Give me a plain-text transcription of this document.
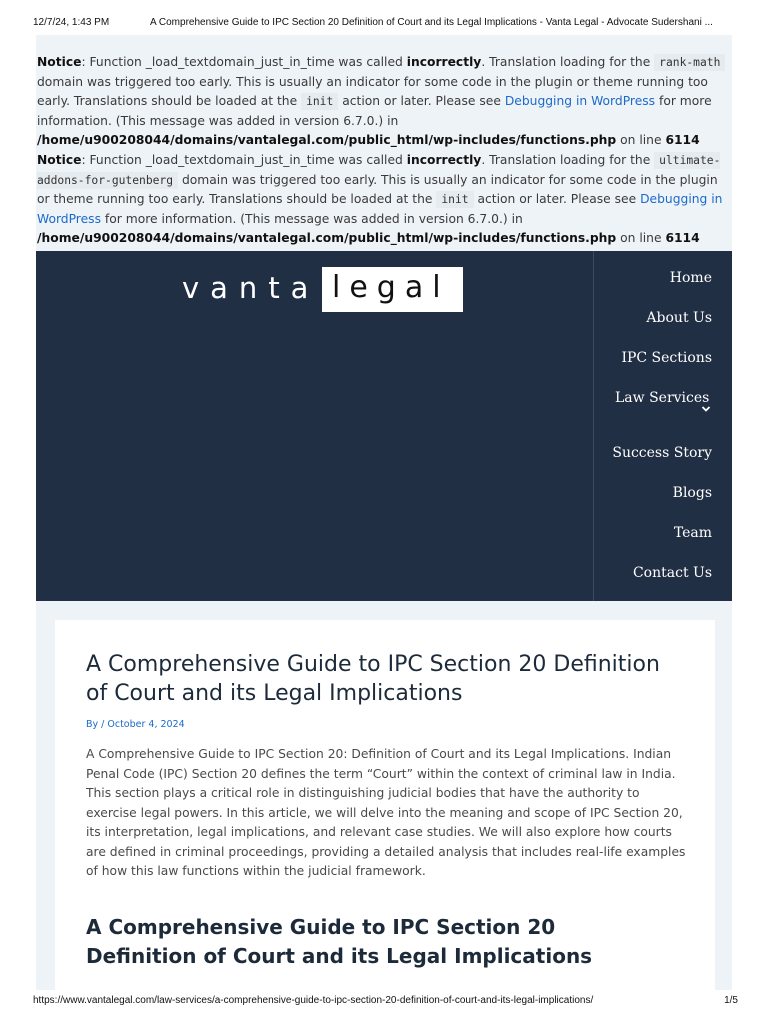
12/7/24, 1:43 PM	A Comprehensive Guide to IPC Section 20 Definition of Court and its Legal Implications - Vanta Legal - Advocate Sudershani ...
Notice: Function _load_textdomain_just_in_time was called incorrectly. Translation loading for the rank-math domain was triggered too early. This is usually an indicator for some code in the plugin or theme running too early. Translations should be loaded at the init action or later. Please see Debugging in WordPress for more information. (This message was added in version 6.7.0.) in /home/u900208044/domains/vantalegal.com/public_html/wp-includes/functions.php on line 6114
Notice: Function _load_textdomain_just_in_time was called incorrectly. Translation loading for the ultimate-addons-for-gutenberg domain was triggered too early. This is usually an indicator for some code in the plugin or theme running too early. Translations should be loaded at the init action or later. Please see Debugging in WordPress for more information. (This message was added in version 6.7.0.) in /home/u900208044/domains/vantalegal.com/public_html/wp-includes/functions.php on line 6114
vanta legal	Home
About Us
IPC Sections
Law Services
Success Story
Blogs
Team
Contact Us
A Comprehensive Guide to IPC Section 20 Definition of Court and its Legal Implications
By / October 4, 2024

A Comprehensive Guide to IPC Section 20: Definition of Court and its Legal Implications. Indian Penal Code (IPC) Section 20 defines the term “Court” within the context of criminal law in India. This section plays a critical role in distinguishing judicial bodies that have the authority to exercise legal powers. In this article, we will delve into the meaning and scope of IPC Section 20, its interpretation, legal implications, and relevant case studies. We will also explore how courts are defined in criminal proceedings, providing a detailed analysis that includes real-life examples of how this law functions within the judicial framework.

A Comprehensive Guide to IPC Section 20 Definition of Court and its Legal Implications
https://www.vantalegal.com/law-services/a-comprehensive-guide-to-ipc-section-20-definition-of-court-and-its-legal-implications/	1/5
